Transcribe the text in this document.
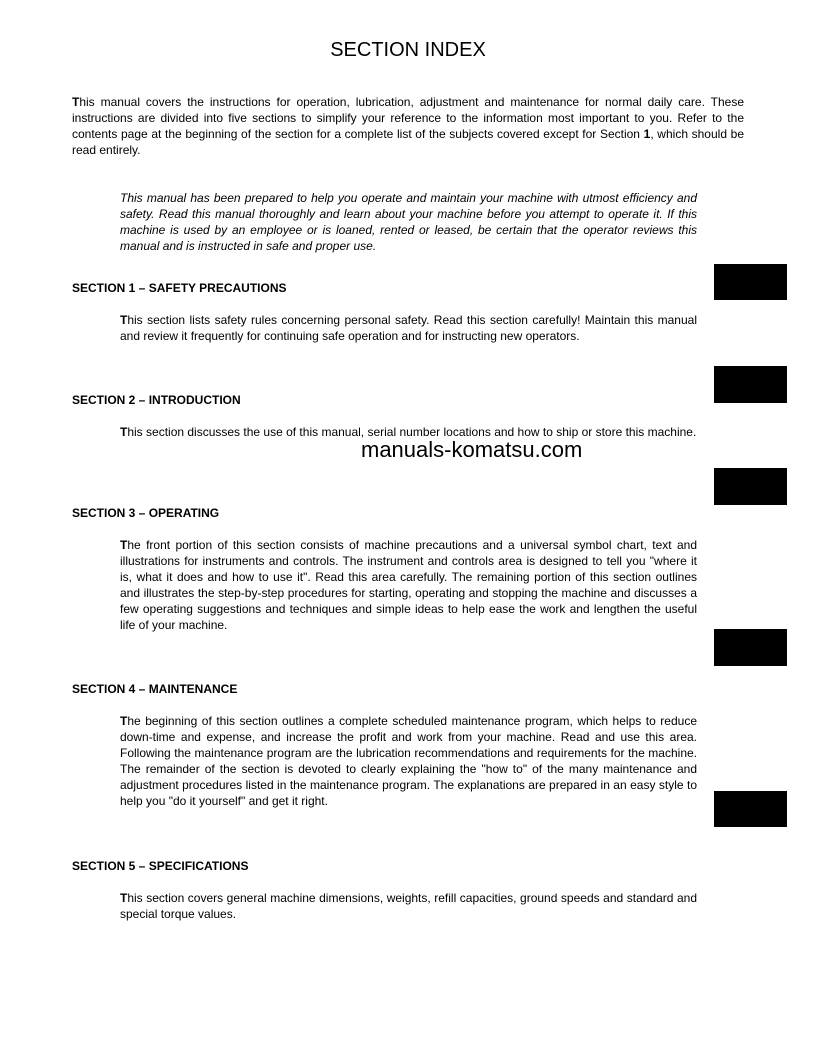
SECTION INDEX

This manual covers the instructions for operation, lubrication, adjustment and maintenance for normal daily care. These instructions are divided into five sections to simplify your reference to the information most important to you. Refer to the contents page at the beginning of the section for a complete list of the subjects covered except for Section 1, which should be read entirely.

This manual has been prepared to help you operate and maintain your machine with utmost efficiency and safety. Read this manual thoroughly and learn about your machine before you attempt to operate it. If this machine is used by an employee or is loaned, rented or leased, be certain that the operator reviews this manual and is instructed in safe and proper use.

SECTION 1 – SAFETY PRECAUTIONS

This section lists safety rules concerning personal safety. Read this section carefully! Maintain this manual and review it frequently for continuing safe operation and for instructing new operators.

SECTION 2 – INTRODUCTION

This section discusses the use of this manual, serial number locations and how to ship or store this machine.

SECTION 3 – OPERATING

The front portion of this section consists of machine precautions and a universal symbol chart, text and illustrations for instruments and controls. The instrument and controls area is designed to tell you "where it is, what it does and how to use it". Read this area carefully. The remaining portion of this section outlines and illustrates the step-by-step procedures for starting, operating and stopping the machine and discusses a few operating suggestions and techniques and simple ideas to help ease the work and lengthen the useful life of your machine.

SECTION 4 – MAINTENANCE

The beginning of this section outlines a complete scheduled maintenance program, which helps to reduce down-time and expense, and increase the profit and work from your machine. Read and use this area. Following the maintenance program are the lubrication recommendations and requirements for the machine. The remainder of the section is devoted to clearly explaining the "how to" of the many maintenance and adjustment procedures listed in the maintenance program. The explanations are prepared in an easy style to help you "do it yourself" and get it right.

SECTION 5 – SPECIFICATIONS

This section covers general machine dimensions, weights, refill capacities, ground speeds and standard and special torque values.

manuals-komatsu.com
